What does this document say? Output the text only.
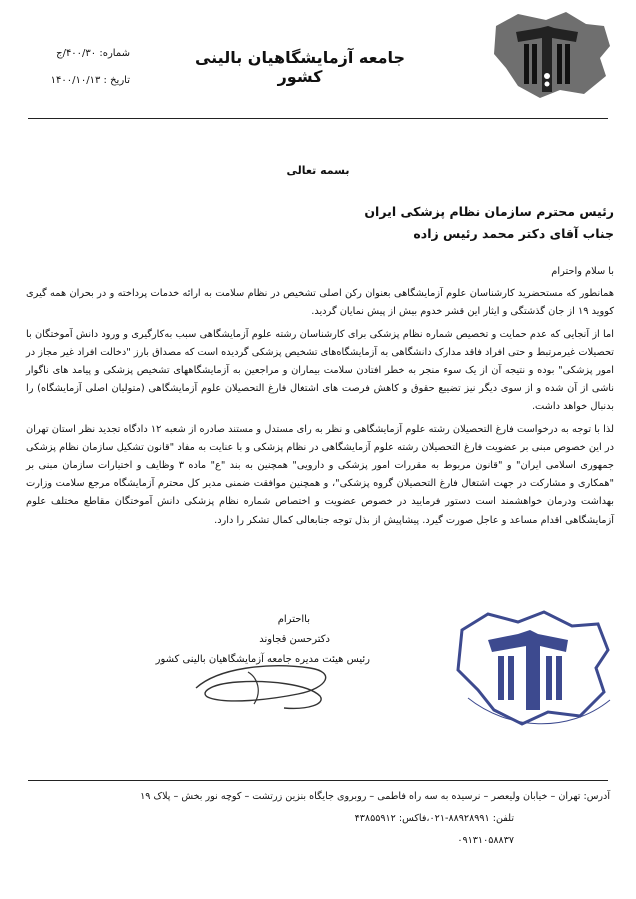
جامعه آزمایشگاهیان بالینی کشور
شماره: ۴۰۰/۳۰/ج
تاریخ : ۱۴۰۰/۱۰/۱۳
بسمه تعالی
رئیس محترم سازمان نظام پزشکی ایران
جناب آقای دکتر محمد رئیس زاده

با سلام واحترام

همانطور که مستحضرید کارشناسان علوم آزمایشگاهی بعنوان رکن اصلی تشخیص در نظام سلامت به ارائه خدمات پرداخته و در بحران همه گیری کووید ۱۹ از جان گذشتگی و ایثار این قشر خدوم بیش از پیش نمایان گردید.

اما از آنجایی که عدم حمایت و تخصیص شماره نظام پزشکی برای کارشناسان رشته علوم آزمایشگاهی سبب به‌کارگیری و ورود دانش آموختگان با تحصیلات غیرمرتبط و حتی افراد فاقد مدارک دانشگاهی به آزمایشگاه‌های تشخیص پزشکی گردیده است که مصداق بارز "دخالت افراد غیر مجاز در امور پزشکی" بوده و نتیجه آن از یک سوء منجر به خطر افتادن سلامت بیماران و مراجعین به آزمایشگاههای تشخیص پزشکی و پیامد های ناگوار ناشی از آن شده و از سوی دیگر نیز تضییع حقوق و کاهش فرصت های اشتغال فارغ التحصیلان علوم آزمایشگاهی (متولیان اصلی آزمایشگاه) را بدنبال خواهد داشت.

لذا با توجه به درخواست فارغ التحصیلان رشته علوم آزمایشگاهی و نظر به رای مستدل و مستند صادره از شعبه ۱۲ دادگاه تجدید نظر استان تهران در این خصوص مبنی بر عضویت فارغ التحصیلان رشته علوم آزمایشگاهی در نظام پزشکی و با عنایت به مفاد "قانون تشکیل سازمان نظام پزشکی جمهوری اسلامی ایران" و "قانون مربوط به مقررات امور پزشکی و دارویی" همچنین به بند "ع" ماده ۳ وظایف و اختیارات سازمان مبنی بر "همکاری و مشارکت در جهت اشتغال فارغ التحصیلان گروه پزشکی"، و همچنین موافقت ضمنی مدیر کل محترم آزمایشگاه مرجع سلامت وزارت بهداشت ودرمان خواهشمند است دستور فرمایید در خصوص عضویت و اختصاص شماره نظام پزشکی دانش آموختگان مقاطع مختلف علوم آزمایشگاهی اقدام مساعد و عاجل صورت گیرد. پیشاپیش از بذل توجه جنابعالی کمال تشکر را دارد.

بااحترام
دکترحسن قجاوند
رئیس هیئت مدیره جامعه آزمایشگاهیان بالینی کشور
آدرس: تهران – خیابان ولیعصر – نرسیده به سه راه فاطمی – روبروی جایگاه بنزین زرتشت – کوچه نور بخش – پلاک ۱۹
تلفن: ۸۸۹۲۸۹۹۱-۰۲۱،فاکس: ۴۳۸۵۵۹۱۲
۰۹۱۳۱۰۵۸۸۳۷
